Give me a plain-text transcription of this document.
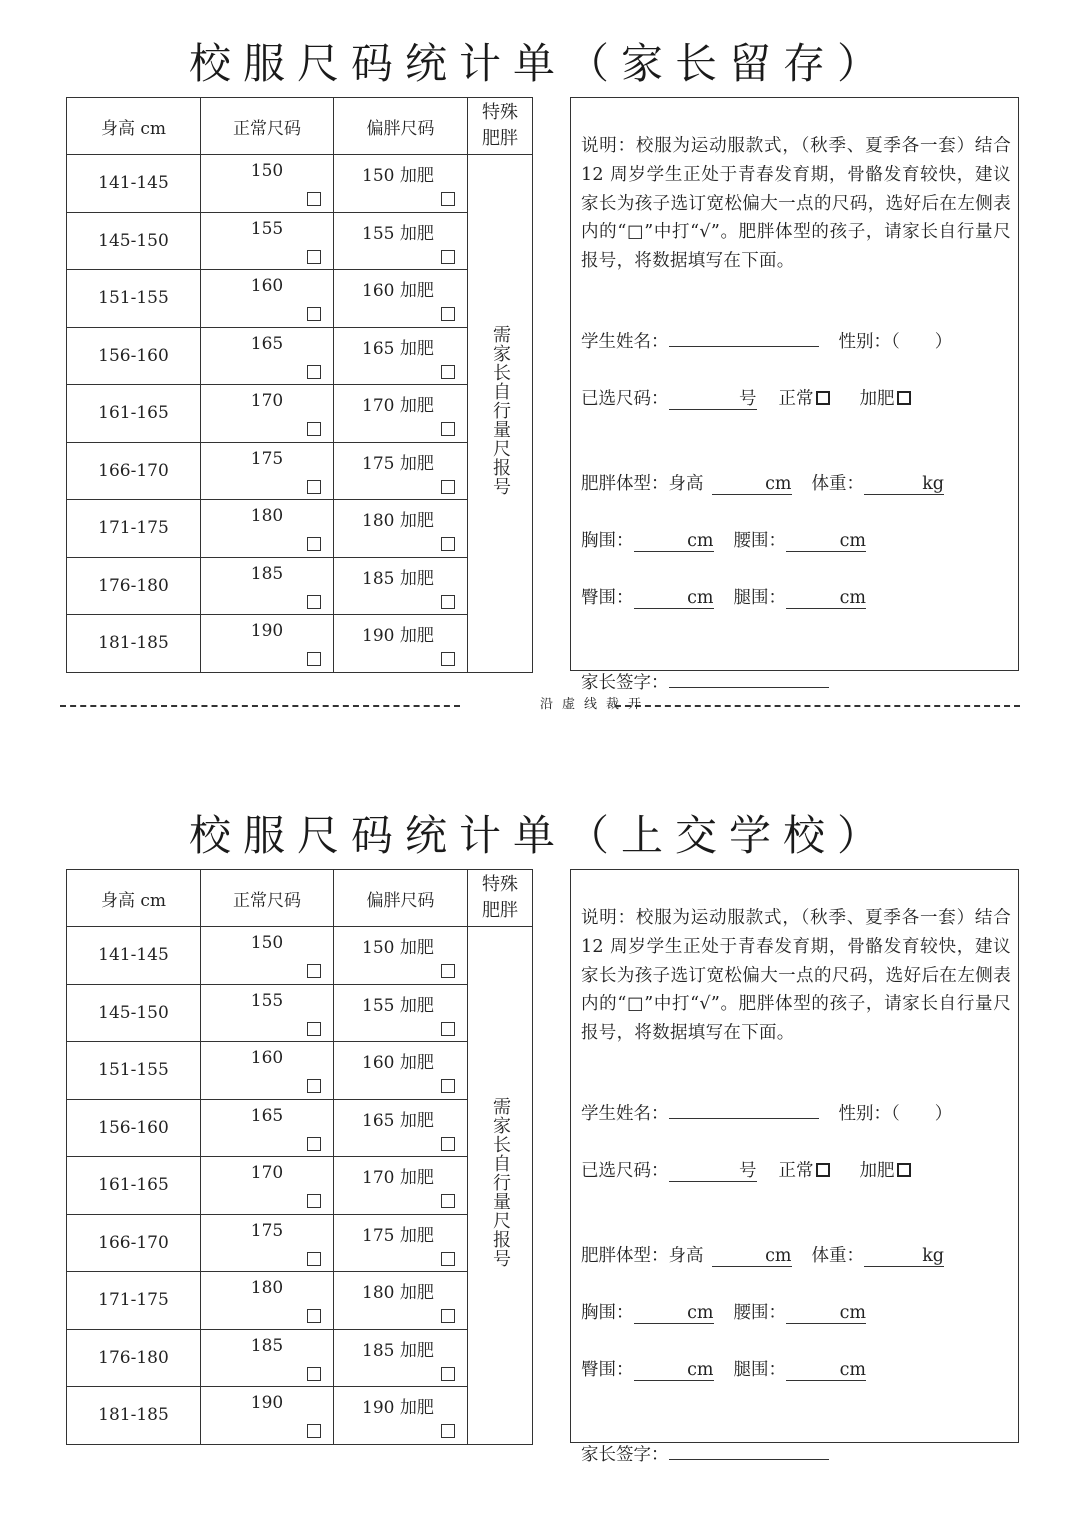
校服尺码统计单（家长留存）
身高 cm	正常尺码	偏胖尺码	特殊
肥胖
141-145	150	150 加肥	需家长自行量尺报号
145-150	155	155 加肥	

151-155	160	160 加肥	

156-160	165	165 加肥	

161-165	170	170 加肥	

166-170	175	175 加肥	

171-175	180	180 加肥	

176-180	185	185 加肥	

181-185	190	190 加肥	
说明：校服为运动服款式，（秋季、夏季各一套）结合 12 周岁学生正处于青春发育期，骨骼发育较快，建议家长为孩子选订宽松偏大一点的尺码，选好后在左侧表内的“□”中打“√”。肥胖体型的孩子，请家长自行量尺报号，将数据填写在下面。
学生姓名：	性别：（　　）
已选尺码：	号 正常	加肥
肥胖体型：身高	cm 体重：	kg
胸围：	cm 腰围：	cm
臀围：	cm 腿围：	cm
家长签字：
沿虚线裁开
校服尺码统计单（上交学校）
身高 cm	正常尺码	偏胖尺码	特殊
肥胖
141-145	150	150 加肥	需家长自行量尺报号
145-150	155	155 加肥	

151-155	160	160 加肥	

156-160	165	165 加肥	

161-165	170	170 加肥	

166-170	175	175 加肥	

171-175	180	180 加肥	

176-180	185	185 加肥	

181-185	190	190 加肥	
说明：校服为运动服款式，（秋季、夏季各一套）结合 12 周岁学生正处于青春发育期，骨骼发育较快，建议家长为孩子选订宽松偏大一点的尺码，选好后在左侧表内的“□”中打“√”。肥胖体型的孩子，请家长自行量尺报号，将数据填写在下面。
学生姓名：	性别：（　　）
已选尺码：	号 正常	加肥
肥胖体型：身高	cm 体重：	kg
胸围：	cm 腰围：	cm
臀围：	cm 腿围：	cm
家长签字：
